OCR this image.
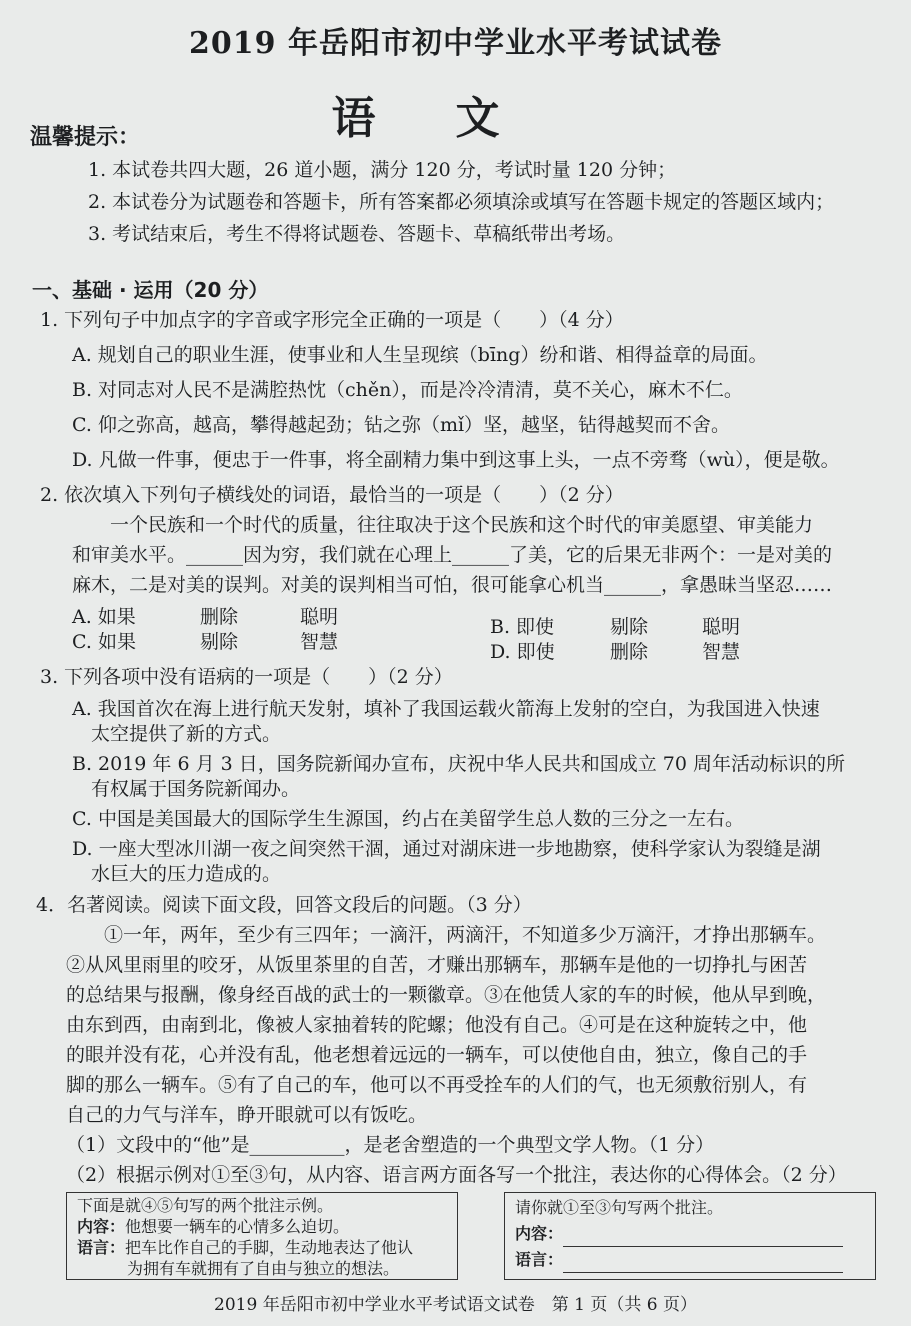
2019 年岳阳市初中学业水平考试试卷
语文
温馨提示：
1. 本试卷共四大题，26 道小题，满分 120 分，考试时量 120 分钟；
2. 本试卷分为试题卷和答题卡，所有答案都必须填涂或填写在答题卡规定的答题区域内；
3. 考试结束后，考生不得将试题卷、答题卡、草稿纸带出考场。
一、基础 · 运用（20 分）
1. 下列句子中加点字的字音或字形完全正确的一项是（　　）（4 分）
A. 规划自己的职业生涯，使事业和人生呈现缤（bīng）纷和谐、相得益章的局面。
B. 对同志对人民不是满腔热忱（chěn），而是冷冷清清，莫不关心，麻木不仁。
C. 仰之弥高，越高，攀得越起劲；钻之弥（mǐ）坚，越坚，钻得越契而不舍。
D. 凡做一件事，便忠于一件事，将全副精力集中到这事上头，一点不旁骛（wù），便是敬。
2. 依次填入下列句子横线处的词语，最恰当的一项是（　　）（2 分）
　　一个民族和一个时代的质量，往往取决于这个民族和这个时代的审美愿望、审美能力
和审美水平。______因为穷，我们就在心理上______了美，它的后果无非两个：一是对美的
麻木，二是对美的误判。对美的误判相当可怕，很可能拿心机当______，拿愚昧当坚忍……
A. 如果	删除	聪明	B. 即使	剔除	聪明
C. 如果	剔除	智慧	D. 即使	删除	智慧
3. 下列各项中没有语病的一项是（　　）（2 分）
A. 我国首次在海上进行航天发射，填补了我国运载火箭海上发射的空白，为我国进入快速
　太空提供了新的方式。
B. 2019 年 6 月 3 日，国务院新闻办宣布，庆祝中华人民共和国成立 70 周年活动标识的所
　有权属于国务院新闻办。
C. 中国是美国最大的国际学生生源国，约占在美留学生总人数的三分之一左右。
D. 一座大型冰川湖一夜之间突然干涸，通过对湖床进一步地勘察，使科学家认为裂缝是湖
　水巨大的压力造成的。
4．名著阅读。阅读下面文段，回答文段后的问题。（3 分）
　　①一年，两年，至少有三四年；一滴汗，两滴汗，不知道多少万滴汗，才挣出那辆车。
②从风里雨里的咬牙，从饭里茶里的自苦，才赚出那辆车，那辆车是他的一切挣扎与困苦
的总结果与报酬，像身经百战的武士的一颗徽章。③在他赁人家的车的时候，他从早到晚，
由东到西，由南到北，像被人家抽着转的陀螺；他没有自己。④可是在这种旋转之中，他
的眼并没有花，心并没有乱，他老想着远远的一辆车，可以使他自由，独立，像自己的手
脚的那么一辆车。⑤有了自己的车，他可以不再受拴车的人们的气，也无须敷衍别人，有
自己的力气与洋车，睁开眼就可以有饭吃。
（1）文段中的“他”是__________，是老舍塑造的一个典型文学人物。（1 分）
（2）根据示例对①至③句，从内容、语言两方面各写一个批注，表达你的心得体会。（2 分）
下面是就④⑤句写的两个批注示例。
内容：他想要一辆车的心情多么迫切。
语言：把车比作自己的手脚，生动地表达了他认
为拥有车就拥有了自由与独立的想法。
请你就①至③句写两个批注。
内容：
语言：
2019 年岳阳市初中学业水平考试语文试卷　第 1 页（共 6 页）
